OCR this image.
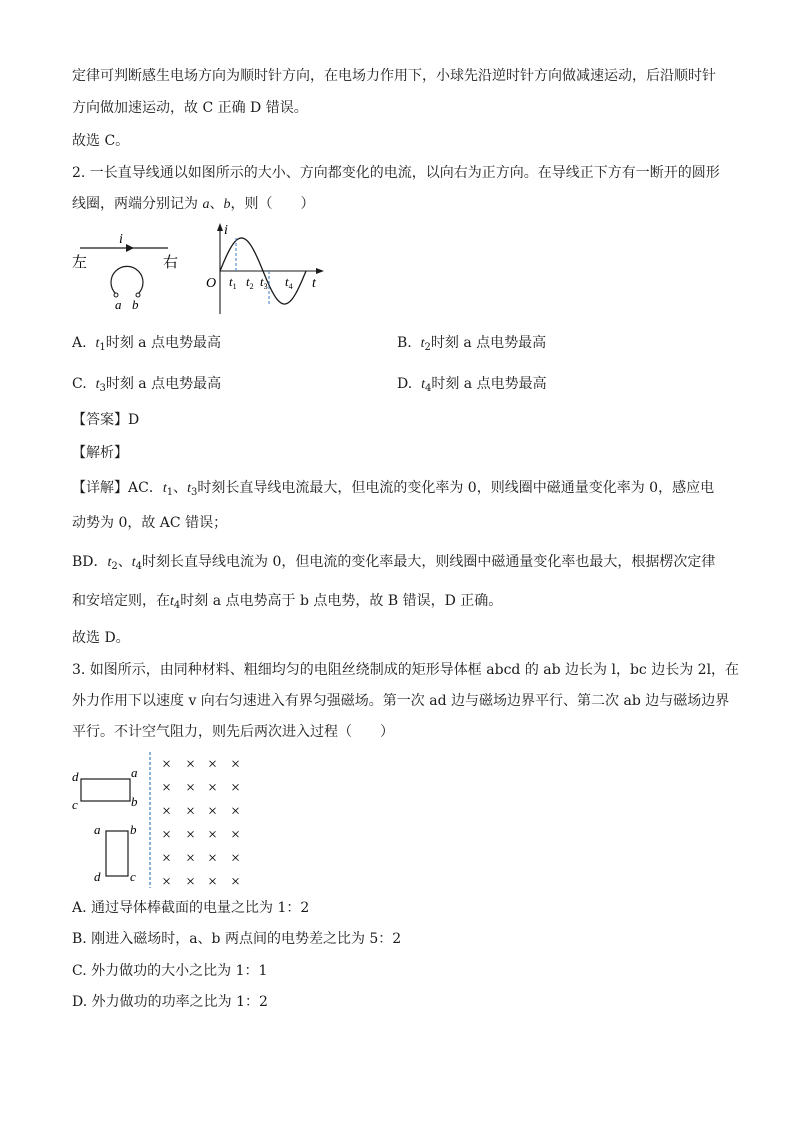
定律可判断感生电场方向为顺时针方向，在电场力作用下，小球先沿逆时针方向做减速运动，后沿顺时针
方向做加速运动，故 C 正确 D 错误。
故选 C。
2. 一长直导线通以如图所示的大小、方向都变化的电流，以向右为正方向。在导线正下方有一断开的圆形
线圈，两端分别记为 a、b，则（　　）
i
左	右
a b
i
O	t
$t_1$ $t_2$ $t_3$ $t_4$
A. $t_1$时刻 a 点电势最高	B. $t_2$时刻 a 点电势最高
C. $t_3$时刻 a 点电势最高	D. $t_4$时刻 a 点电势最高
【答案】D
【解析】
【详解】AC．$t_1$、$t_3$时刻长直导线电流最大，但电流的变化率为 0，则线圈中磁通量变化率为 0，感应电
动势为 0，故 AC 错误；
BD．$t_2$、$t_4$时刻长直导线电流为 0，但电流的变化率最大，则线圈中磁通量变化率也最大，根据楞次定律
和安培定则，在$t_4$时刻 a 点电势高于 b 点电势，故 B 错误，D 正确。
故选 D。
3. 如图所示，由同种材料、粗细均匀的电阻丝绕制成的矩形导体框 abcd 的 ab 边长为 l，bc 边长为 2l，在
外力作用下以速度 v 向右匀速进入有界匀强磁场。第一次 ad 边与磁场边界平行、第二次 ab 边与磁场边界
平行。不计空气阻力，则先后两次进入过程（　　）
d	a
c	b
a b
d c
× × × ×
× × × ×
× × × ×
× × × ×
× × × ×
× × × ×
A. 通过导体棒截面的电量之比为 1：2
B. 刚进入磁场时，a、b 两点间的电势差之比为 5：2
C. 外力做功的大小之比为 1：1
D. 外力做功的功率之比为 1：2
